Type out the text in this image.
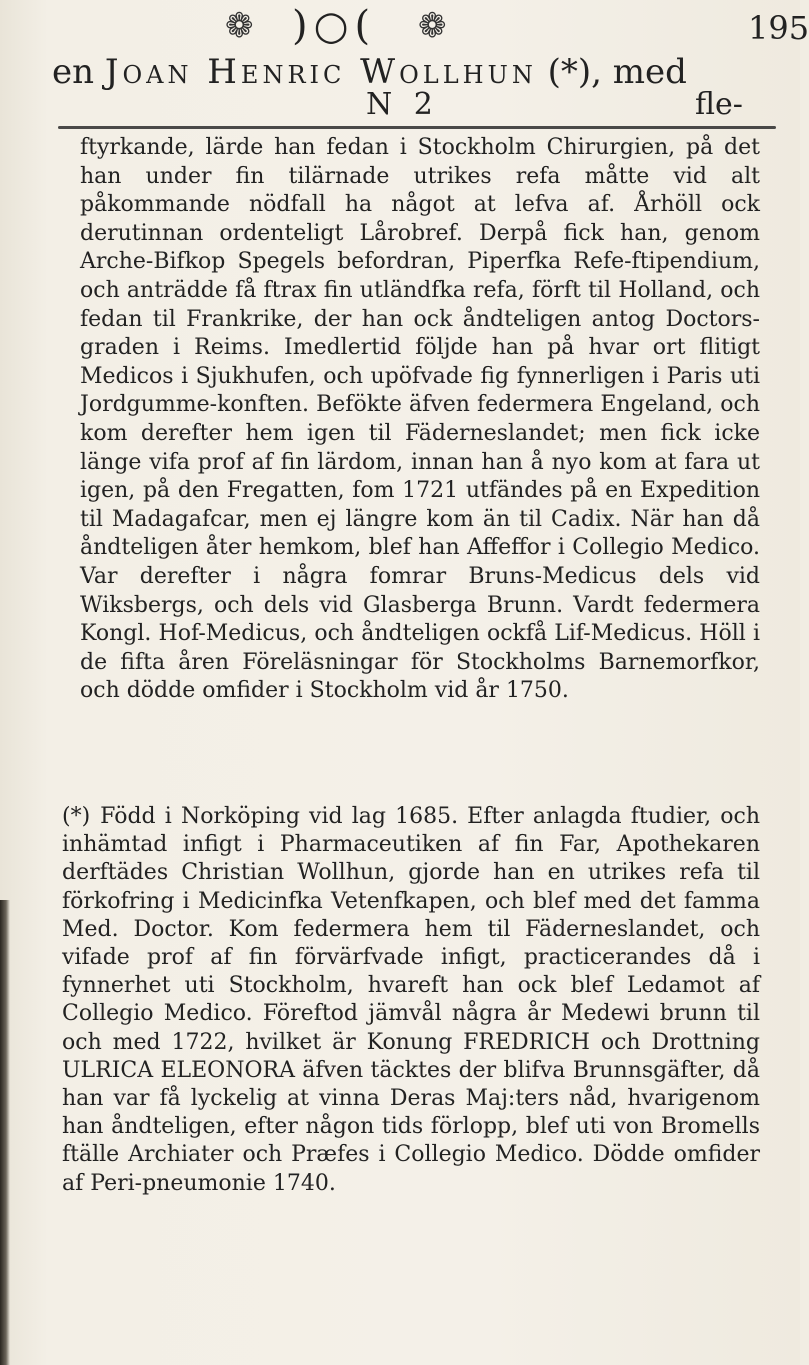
❁ )○( ❁	195
en Joan Henric Wollhun (*), med
N 2	fle-
ftyrkande, lärde han fedan i Stockholm Chirurgien, på det han under fin tilärnade utrikes refa måtte vid alt påkommande nödfall ha något at lefva af. Århöll ock derutinnan ordenteligt Lårobref. Derpå fick han, genom Arche-Bifkop Spegels befordran, Piperfka Refe-ftipendium, och anträdde få ftrax fin utländfka refa, förft til Holland, och fedan til Frankrike, der han ock åndteligen antog Doctors-graden i Reims. Imedlertid följde han på hvar ort flitigt Medicos i Sjukhufen, och upöfvade fig fynnerligen i Paris uti Jordgumme-konften. Befökte äfven federmera Engeland, och kom derefter hem igen til Fäderneslandet; men fick icke länge vifa prof af fin lärdom, innan han å nyo kom at fara ut igen, på den Fregatten, fom 1721 utfändes på en Expedition til Madagafcar, men ej längre kom än til Cadix. När han då åndteligen åter hemkom, blef han Affeffor i Collegio Medico. Var derefter i några fomrar Bruns-Medicus dels vid Wiksbergs, och dels vid Glasberga Brunn. Vardt federmera Kongl. Hof-Medicus, och åndteligen ockfå Lif-Medicus. Höll i de fifta åren Föreläsningar för Stockholms Barnemorfkor, och dödde omfider i Stockholm vid år 1750.
(*) Född i Norköping vid lag 1685. Efter anlagda ftudier, och inhämtad infigt i Pharmaceutiken af fin Far, Apothekaren derftädes Christian Wollhun, gjorde han en utrikes refa til förkofring i Medicinfka Vetenfkapen, och blef med det famma Med. Doctor. Kom federmera hem til Fäderneslandet, och vifade prof af fin förvärfvade infigt, practicerandes då i fynnerhet uti Stockholm, hvareft han ock blef Ledamot af Collegio Medico. Föreftod jämvål några år Medewi brunn til och med 1722, hvilket är Konung FREDRICH och Drottning ULRICA ELEONORA äfven täcktes der blifva Brunnsgäfter, då han var få lyckelig at vinna Deras Maj:ters nåd, hvarigenom han åndteligen, efter någon tids förlopp, blef uti von Bromells ftälle Archiater och Præfes i Collegio Medico. Dödde omfider af Peri-pneumonie 1740.
